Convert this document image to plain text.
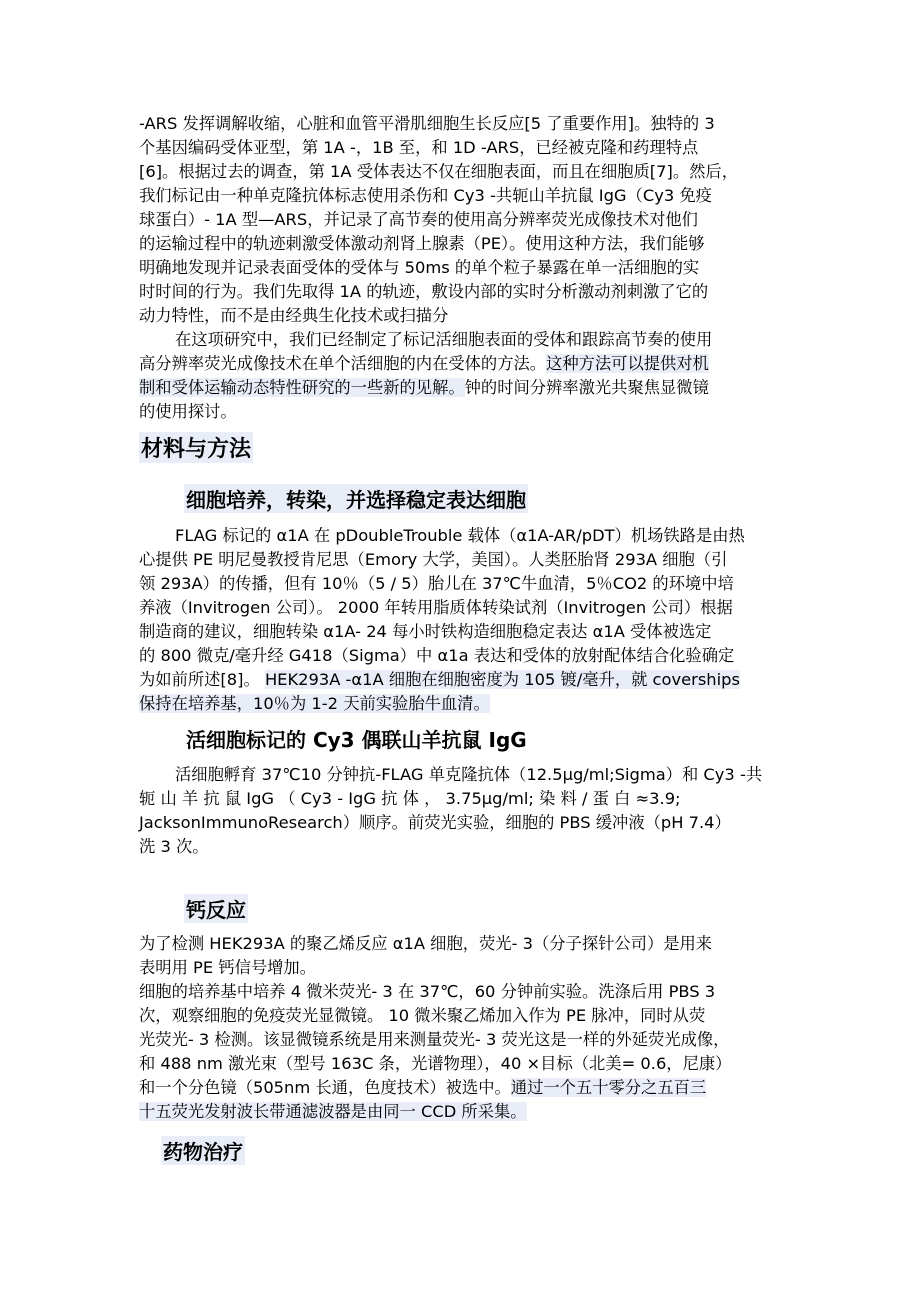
-ARS 发挥调解收缩，心脏和血管平滑肌细胞生长反应[5 了重要作用]。独特的 3
个基因编码受体亚型，第 1A -，1B 至，和 1D -ARS，已经被克隆和药理特点
[6]。根据过去的调查，第 1A 受体表达不仅在细胞表面，而且在细胞质[7]。然后，
我们标记由一种单克隆抗体标志使用杀伤和 Cy3 -共轭山羊抗鼠 IgG（Cy3 免疫
球蛋白）- 1A 型—ARS，并记录了高节奏的使用高分辨率荧光成像技术对他们
的运输过程中的轨迹刺激受体激动剂肾上腺素（PE）。使用这种方法，我们能够
明确地发现并记录表面受体的受体与 50ms 的单个粒子暴露在单一活细胞的实
时时间的行为。我们先取得 1A 的轨迹，敷设内部的实时分析激动剂刺激了它的
动力特性，而不是由经典生化技术或扫描分
在这项研究中，我们已经制定了标记活细胞表面的受体和跟踪高节奏的使用
高分辨率荧光成像技术在单个活细胞的内在受体的方法。这种方法可以提供对机
制和受体运输动态特性研究的一些新的见解。钟的时间分辨率激光共聚焦显微镜
的使用探讨。
材料与方法
细胞培养，转染，并选择稳定表达细胞
FLAG 标记的 α1A 在 pDoubleTrouble 载体（α1A-AR/pDT）机场铁路是由热
心提供 PE 明尼曼教授肯尼思（Emory 大学，美国）。人类胚胎肾 293A 细胞（引
领 293A）的传播，但有 10％（5 / 5）胎儿在 37℃牛血清，5％CO2 的环境中培
养液（Invitrogen 公司）。 2000 年转用脂质体转染试剂（Invitrogen 公司）根据
制造商的建议，细胞转染 α1A- 24 每小时铁构造细胞稳定表达 α1A 受体被选定
的 800 微克/毫升经 G418（Sigma）中 α1a 表达和受体的放射配体结合化验确定
为如前所述[8]。 HEK293A -α1A 细胞在细胞密度为 105 镀/毫升，就 coverships
保持在培养基，10％为 1-2 天前实验胎牛血清。
活细胞标记的 Cy3 偶联山羊抗鼠 IgG
活细胞孵育 37℃10 分钟抗-FLAG 单克隆抗体（12.5μg/ml;Sigma）和 Cy3 -共
轭 山 羊 抗 鼠 IgG （ Cy3 - IgG 抗 体 ， 3.75μg/ml; 染 料 / 蛋 白 ≈3.9;
JacksonImmunoResearch）顺序。前荧光实验，细胞的 PBS 缓冲液（pH 7.4）
洗 3 次。
钙反应
为了检测 HEK293A 的聚乙烯反应 α1A 细胞，荧光- 3（分子探针公司）是用来
表明用 PE 钙信号增加。
细胞的培养基中培养 4 微米荧光- 3 在 37℃，60 分钟前实验。洗涤后用 PBS 3
次，观察细胞的免疫荧光显微镜。 10 微米聚乙烯加入作为 PE 脉冲，同时从荧
光荧光- 3 检测。该显微镜系统是用来测量荧光- 3 荧光这是一样的外延荧光成像，
和 488 nm 激光束（型号 163C 条，光谱物理），40 ×目标（北美= 0.6，尼康）
和一个分色镜（505nm 长通，色度技术）被选中。通过一个五十零分之五百三
十五荧光发射波长带通滤波器是由同一 CCD 所采集。
药物治疗
